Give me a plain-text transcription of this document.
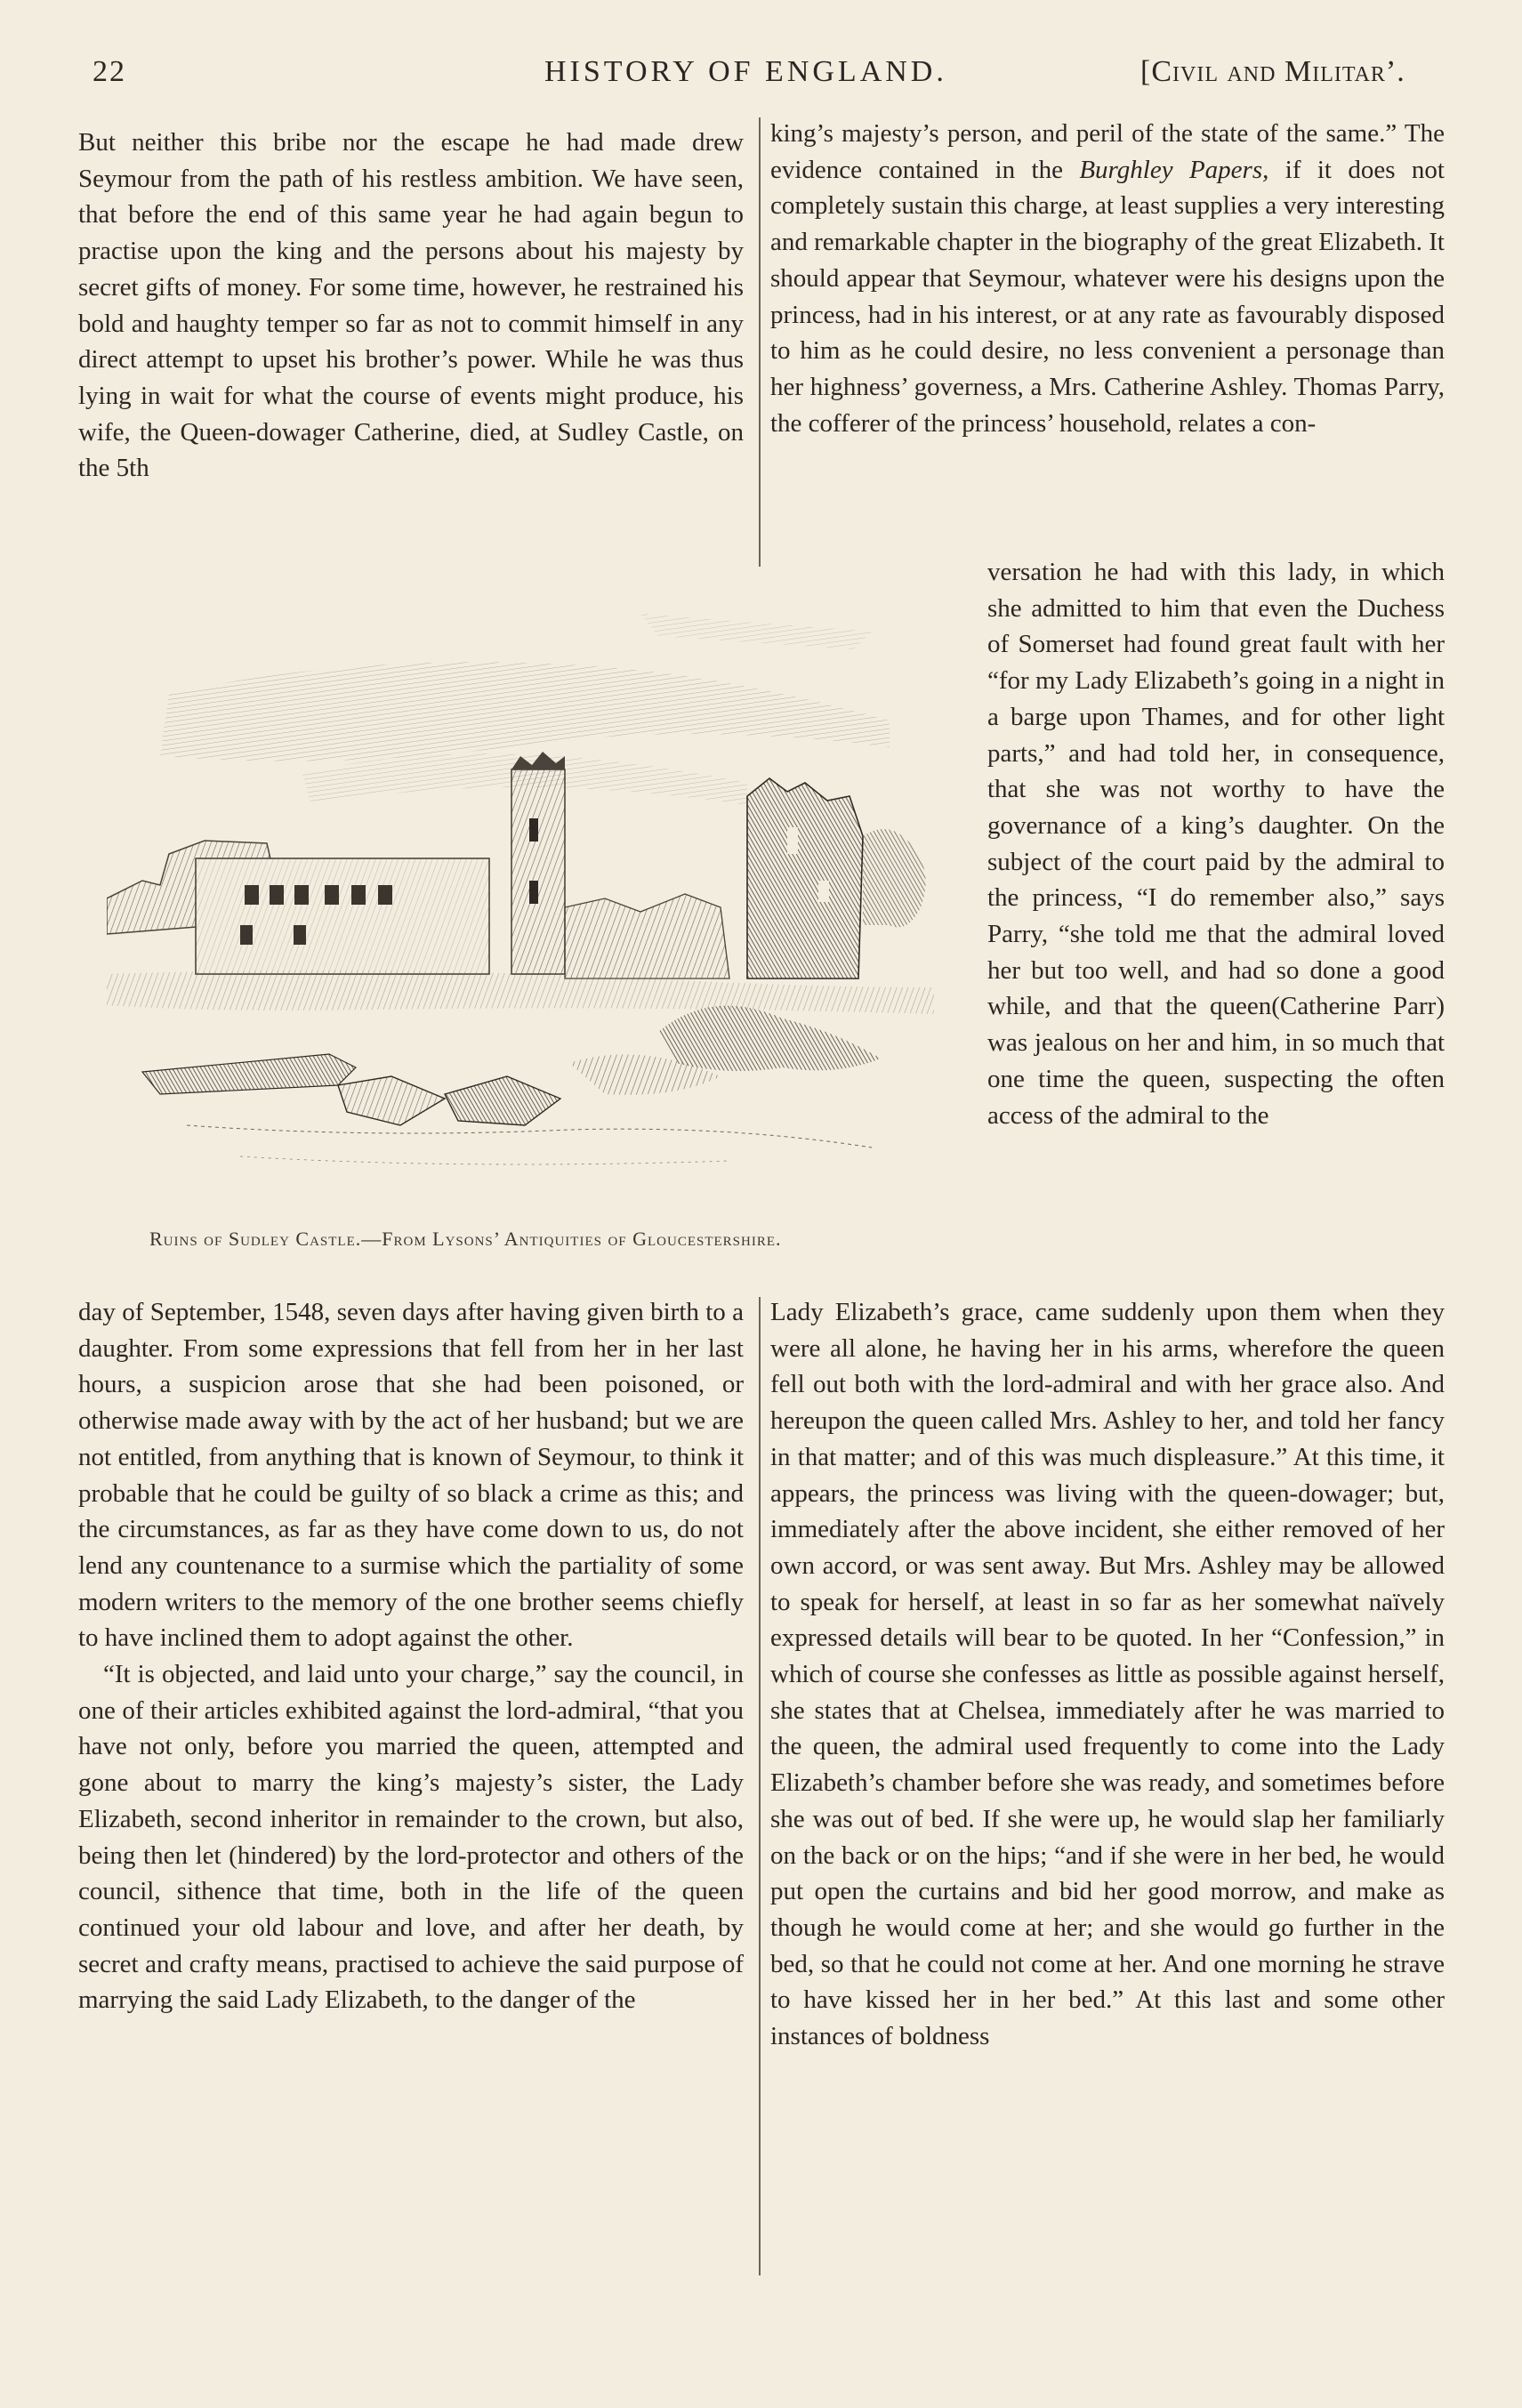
22	HISTORY OF ENGLAND.	[Civil and Militar’.

But neither this bribe nor the escape he had made drew Seymour from the path of his restless ambition. We have seen, that before the end of this same year he had again begun to practise upon the king and the persons about his majesty by secret gifts of money. For some time, however, he restrained his bold and haughty temper so far as not to commit himself in any direct attempt to upset his brother’s power. While he was thus lying in wait for what the course of events might produce, his wife, the Queen-dowager Catherine, died, at Sudley Castle, on the 5th

king’s majesty’s person, and peril of the state of the same.” The evidence contained in the Burghley Papers, if it does not completely sustain this charge, at least supplies a very interesting and remarkable chapter in the biography of the great Elizabeth. It should appear that Seymour, whatever were his designs upon the princess, had in his interest, or at any rate as favourably disposed to him as he could desire, no less convenient a personage than her highness’ governess, a Mrs. Catherine Ashley. Thomas Parry, the cofferer of the princess’ household, relates a con-

versation he had with this lady, in which she admitted to him that even the Duchess of Somerset had found great fault with her “for my Lady Elizabeth’s going in a night in a barge upon Thames, and for other light parts,” and had told her, in consequence, that she was not worthy to have the governance of a king’s daughter. On the subject of the court paid by the admiral to the princess, “I do remember also,” says Parry, “she told me that the admiral loved her but too well, and had so done a good while, and that the queen(Catherine Parr) was jealous on her and him, in so much that one time the queen, suspecting the often access of the admiral to the

Ruins of Sudley Castle.—From Lysons’ Antiquities of Gloucestershire.

day of September, 1548, seven days after having given birth to a daughter. From some expressions that fell from her in her last hours, a suspicion arose that she had been poisoned, or otherwise made away with by the act of her husband; but we are not entitled, from anything that is known of Seymour, to think it probable that he could be guilty of so black a crime as this; and the circumstances, as far as they have come down to us, do not lend any countenance to a surmise which the partiality of some modern writers to the memory of the one brother seems chiefly to have inclined them to adopt against the other.

“It is objected, and laid unto your charge,” say the council, in one of their articles exhibited against the lord-admiral, “that you have not only, before you married the queen, attempted and gone about to marry the king’s majesty’s sister, the Lady Elizabeth, second inheritor in remainder to the crown, but also, being then let (hindered) by the lord-protector and others of the council, sithence that time, both in the life of the queen continued your old labour and love, and after her death, by secret and crafty means, practised to achieve the said purpose of marrying the said Lady Elizabeth, to the danger of the

Lady Elizabeth’s grace, came suddenly upon them when they were all alone, he having her in his arms, wherefore the queen fell out both with the lord-admiral and with her grace also. And hereupon the queen called Mrs. Ashley to her, and told her fancy in that matter; and of this was much displeasure.” At this time, it appears, the princess was living with the queen-dowager; but, immediately after the above incident, she either removed of her own accord, or was sent away. But Mrs. Ashley may be allowed to speak for herself, at least in so far as her somewhat naïvely expressed details will bear to be quoted. In her “Confession,” in which of course she confesses as little as possible against herself, she states that at Chelsea, immediately after he was married to the queen, the admiral used frequently to come into the Lady Elizabeth’s chamber before she was ready, and sometimes before she was out of bed. If she were up, he would slap her familiarly on the back or on the hips; “and if she were in her bed, he would put open the curtains and bid her good morrow, and make as though he would come at her; and she would go further in the bed, so that he could not come at her. And one morning he strave to have kissed her in her bed.” At this last and some other instances of boldness
